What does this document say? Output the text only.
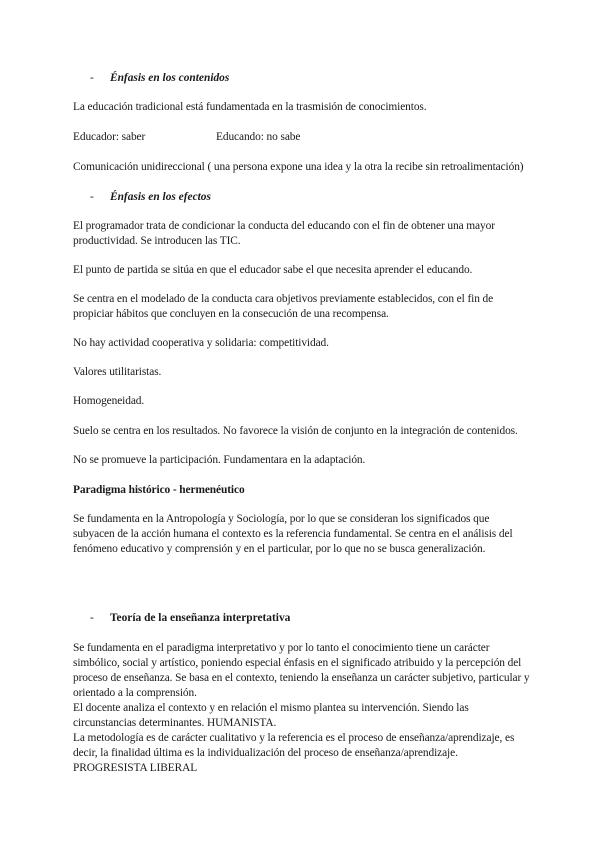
- Énfasis en los contenidos
La educación tradicional está fundamentada en la trasmisión de conocimientos.
Educador: saber	Educando: no sabe
Comunicación unidireccional ( una persona expone una idea y la otra la recibe sin retroalimentación)
- Énfasis en los efectos
El programador trata de condicionar la conducta del educando con el fin de obtener una mayor
productividad. Se introducen las TIC.
El punto de partida se sitúa en que el educador sabe el que necesita aprender el educando.
Se centra en el modelado de la conducta cara objetivos previamente establecidos, con el fin de
propiciar hábitos que concluyen en la consecución de una recompensa.
No hay actividad cooperativa y solidaria: competitividad.
Valores utilitaristas.
Homogeneidad.
Suelo se centra en los resultados. No favorece la visión de conjunto en la integración de contenidos.
No se promueve la participación. Fundamentara en la adaptación.
Paradigma histórico - hermenéutico
Se fundamenta en la Antropología y Sociología, por lo que se consideran los significados que
subyacen de la acción humana el contexto es la referencia fundamental. Se centra en el análisis del
fenómeno educativo y comprensión y en el particular, por lo que no se busca generalización.
- Teoría de la enseñanza interpretativa
Se fundamenta en el paradigma interpretativo y por lo tanto el conocimiento tiene un carácter
simbólico, social y artístico, poniendo especial énfasis en el significado atribuido y la percepción del
proceso de enseñanza. Se basa en el contexto, teniendo la enseñanza un carácter subjetivo, particular y
orientado a la comprensión.
El docente analiza el contexto y en relación el mismo plantea su intervención. Siendo las
circunstancias determinantes. HUMANISTA.
La metodología es de carácter cualitativo y la referencia es el proceso de enseñanza/aprendizaje, es
decir, la finalidad última es la individualización del proceso de enseñanza/aprendizaje.
PROGRESISTA LIBERAL
